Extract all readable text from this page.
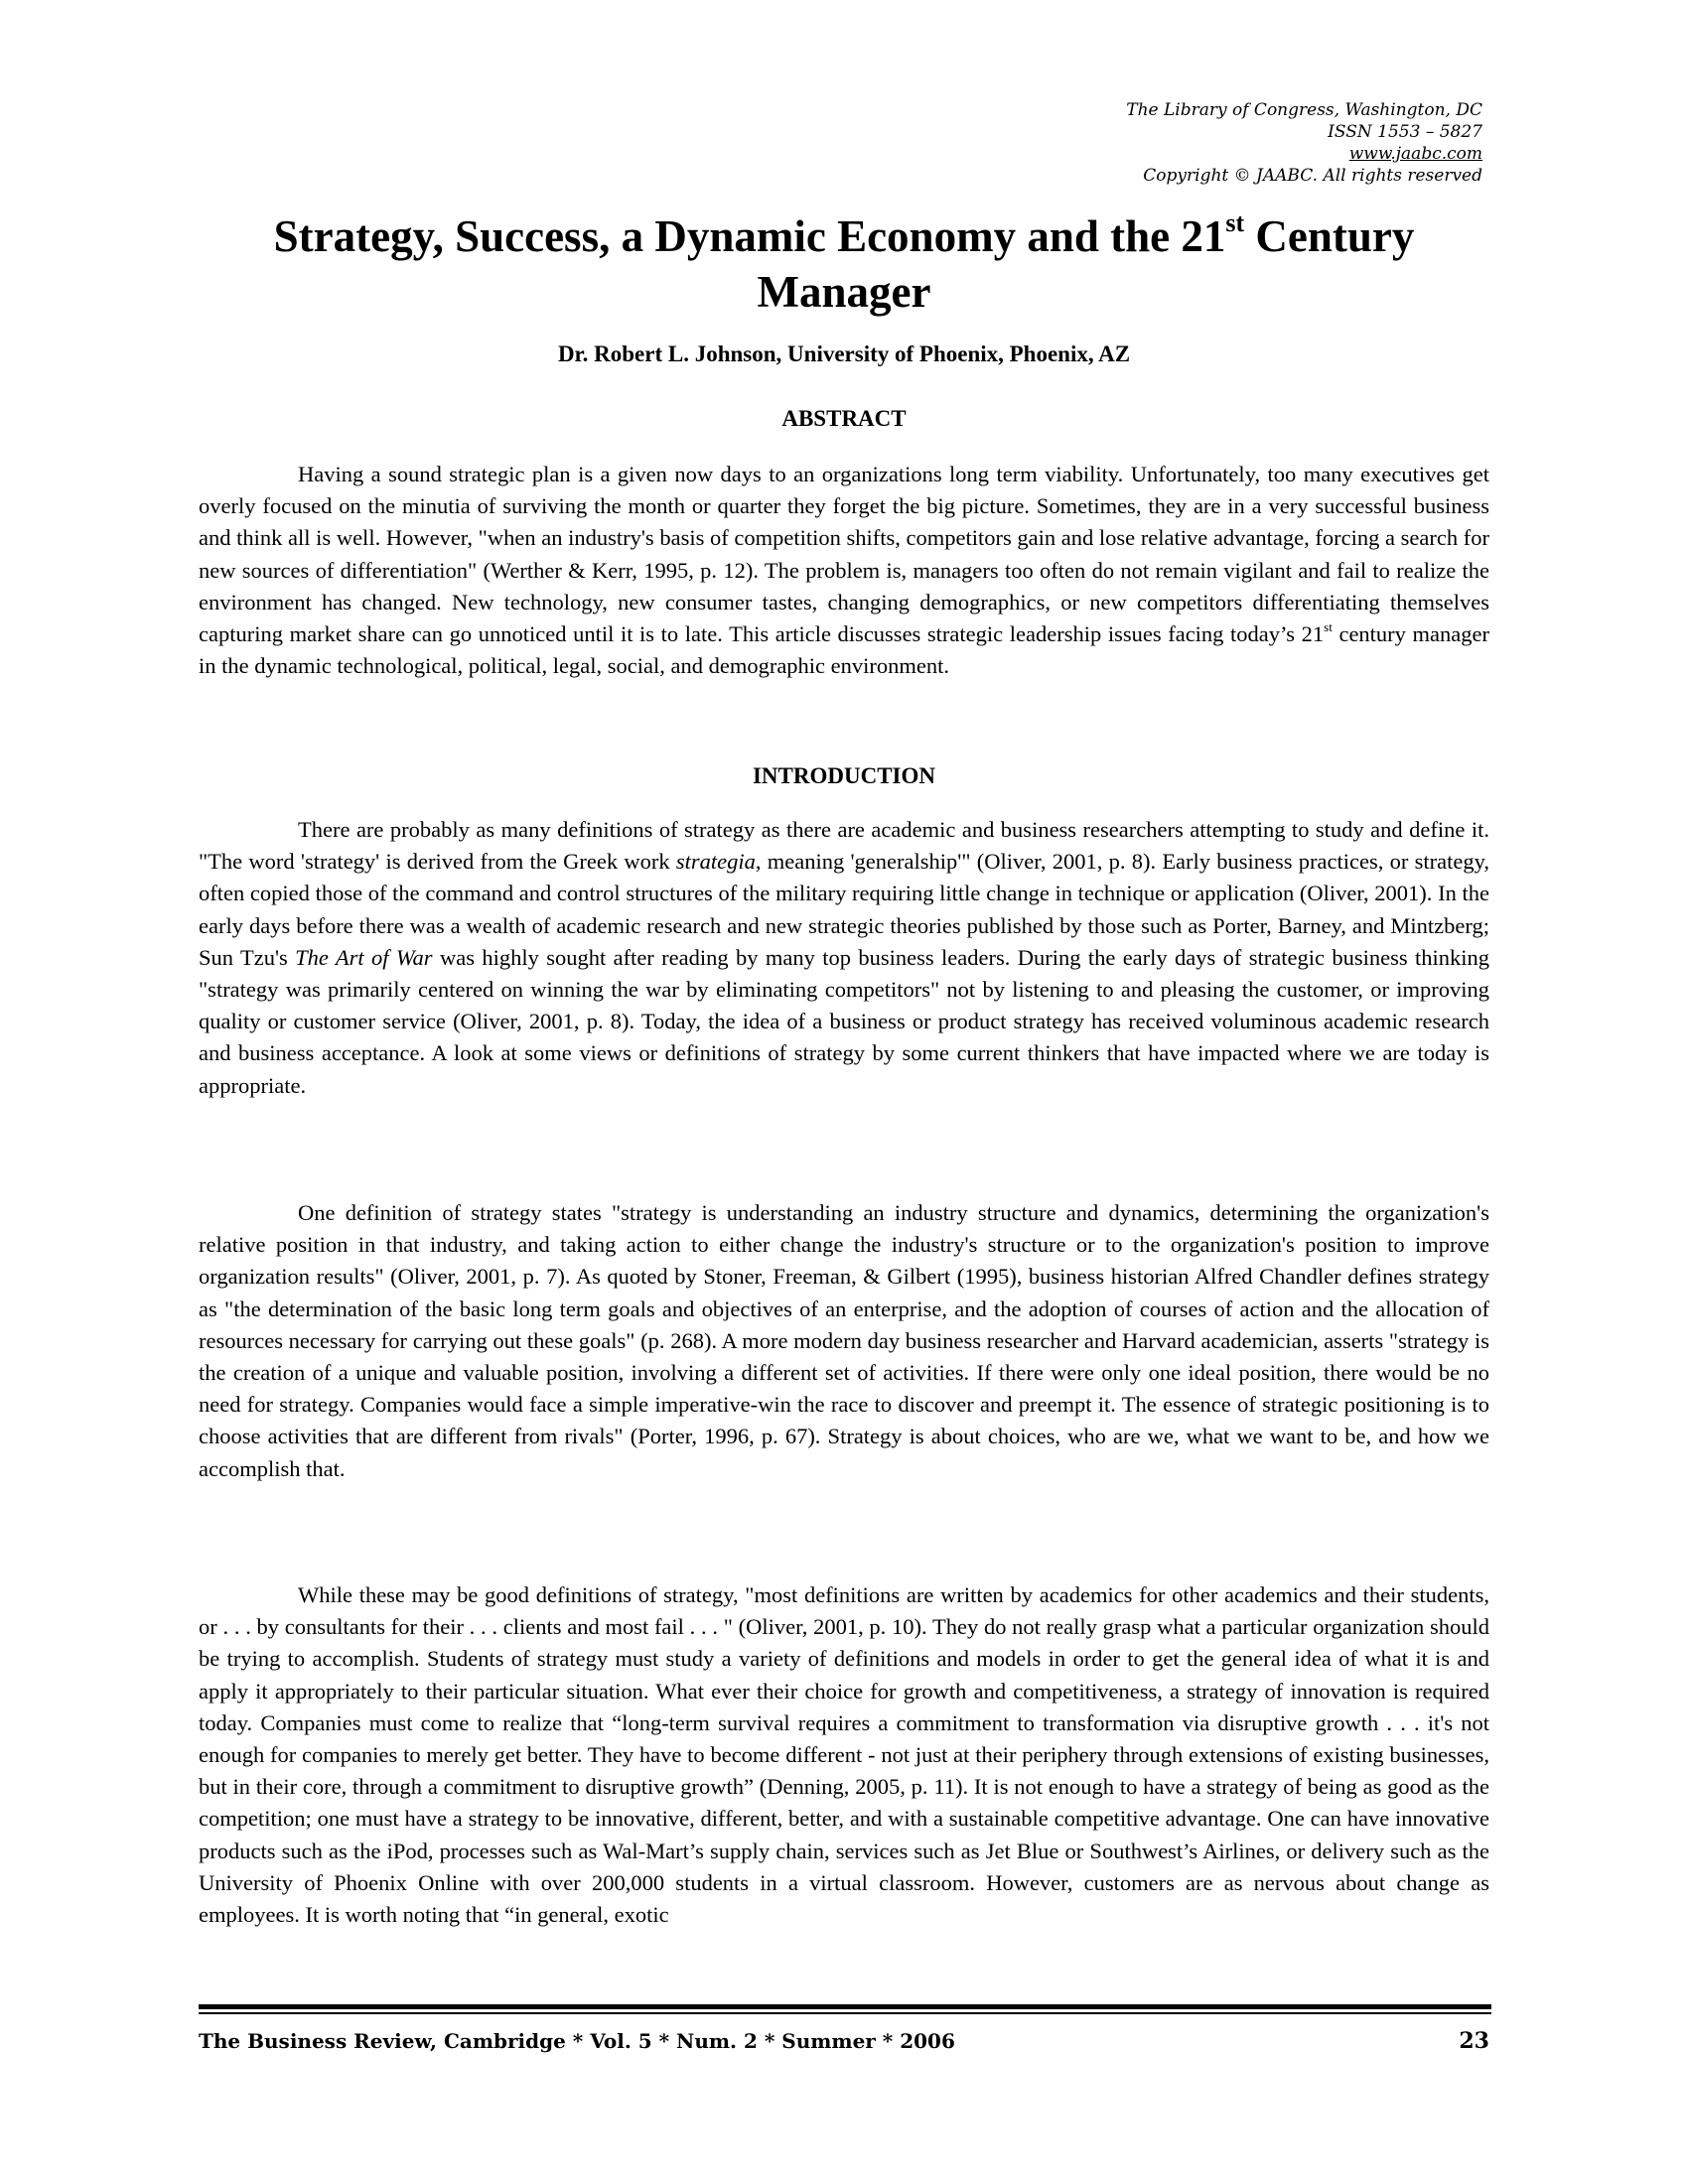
The Library of Congress, Washington, DC
ISSN 1553 – 5827
www.jaabc.com
Copyright © JAABC. All rights reserved
Strategy, Success, a Dynamic Economy and the 21st Century Manager

Dr. Robert L. Johnson, University of Phoenix, Phoenix, AZ

ABSTRACT

Having a sound strategic plan is a given now days to an organizations long term viability. Unfortunately, too many executives get overly focused on the minutia of surviving the month or quarter they forget the big picture. Sometimes, they are in a very successful business and think all is well. However, "when an industry's basis of competition shifts, competitors gain and lose relative advantage, forcing a search for new sources of differentiation" (Werther & Kerr, 1995, p. 12). The problem is, managers too often do not remain vigilant and fail to realize the environment has changed. New technology, new consumer tastes, changing demographics, or new competitors differentiating themselves capturing market share can go unnoticed until it is to late. This article discusses strategic leadership issues facing today’s 21st century manager in the dynamic technological, political, legal, social, and demographic environment.

INTRODUCTION

There are probably as many definitions of strategy as there are academic and business researchers attempting to study and define it. "The word 'strategy' is derived from the Greek work strategia, meaning 'generalship'" (Oliver, 2001, p. 8). Early business practices, or strategy, often copied those of the command and control structures of the military requiring little change in technique or application (Oliver, 2001). In the early days before there was a wealth of academic research and new strategic theories published by those such as Porter, Barney, and Mintzberg; Sun Tzu's The Art of War was highly sought after reading by many top business leaders. During the early days of strategic business thinking "strategy was primarily centered on winning the war by eliminating competitors" not by listening to and pleasing the customer, or improving quality or customer service (Oliver, 2001, p. 8). Today, the idea of a business or product strategy has received voluminous academic research and business acceptance. A look at some views or definitions of strategy by some current thinkers that have impacted where we are today is appropriate.

One definition of strategy states "strategy is understanding an industry structure and dynamics, determining the organization's relative position in that industry, and taking action to either change the industry's structure or to the organization's position to improve organization results" (Oliver, 2001, p. 7). As quoted by Stoner, Freeman, & Gilbert (1995), business historian Alfred Chandler defines strategy as "the determination of the basic long term goals and objectives of an enterprise, and the adoption of courses of action and the allocation of resources necessary for carrying out these goals" (p. 268). A more modern day business researcher and Harvard academician, asserts "strategy is the creation of a unique and valuable position, involving a different set of activities. If there were only one ideal position, there would be no need for strategy. Companies would face a simple imperative-win the race to discover and preempt it. The essence of strategic positioning is to choose activities that are different from rivals" (Porter, 1996, p. 67). Strategy is about choices, who are we, what we want to be, and how we accomplish that.

While these may be good definitions of strategy, "most definitions are written by academics for other academics and their students, or . . . by consultants for their . . . clients and most fail . . . " (Oliver, 2001, p. 10). They do not really grasp what a particular organization should be trying to accomplish. Students of strategy must study a variety of definitions and models in order to get the general idea of what it is and apply it appropriately to their particular situation. What ever their choice for growth and competitiveness, a strategy of innovation is required today. Companies must come to realize that “long-term survival requires a commitment to transformation via disruptive growth . . . it's not enough for companies to merely get better. They have to become different - not just at their periphery through extensions of existing businesses, but in their core, through a commitment to disruptive growth” (Denning, 2005, p. 11). It is not enough to have a strategy of being as good as the competition; one must have a strategy to be innovative, different, better, and with a sustainable competitive advantage. One can have innovative products such as the iPod, processes such as Wal-Mart’s supply chain, services such as Jet Blue or Southwest’s Airlines, or delivery such as the University of Phoenix Online with over 200,000 students in a virtual classroom. However, customers are as nervous about change as employees. It is worth noting that “in general, exotic

The Business Review, Cambridge * Vol. 5 * Num. 2 * Summer * 2006	23
